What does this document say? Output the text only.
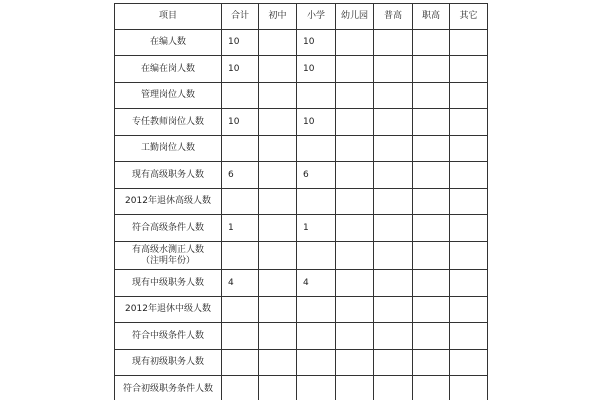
项目	合计	初中	小学	幼儿园	普高	职高	其它

在编人数	10		10				

在编在岗人数	10		10				

管理岗位人数							

专任教师岗位人数	10		10				

工勤岗位人数							

现有高级职务人数	6		6				

2012年退休高级人数							

符合高级条件人数	1		1				

有高级水测正人数
（注明年份）							

现有中级职务人数	4		4				

2012年退休中级人数							

符合中级条件人数							

现有初级职务人数							

符合初级职务条件人数							
